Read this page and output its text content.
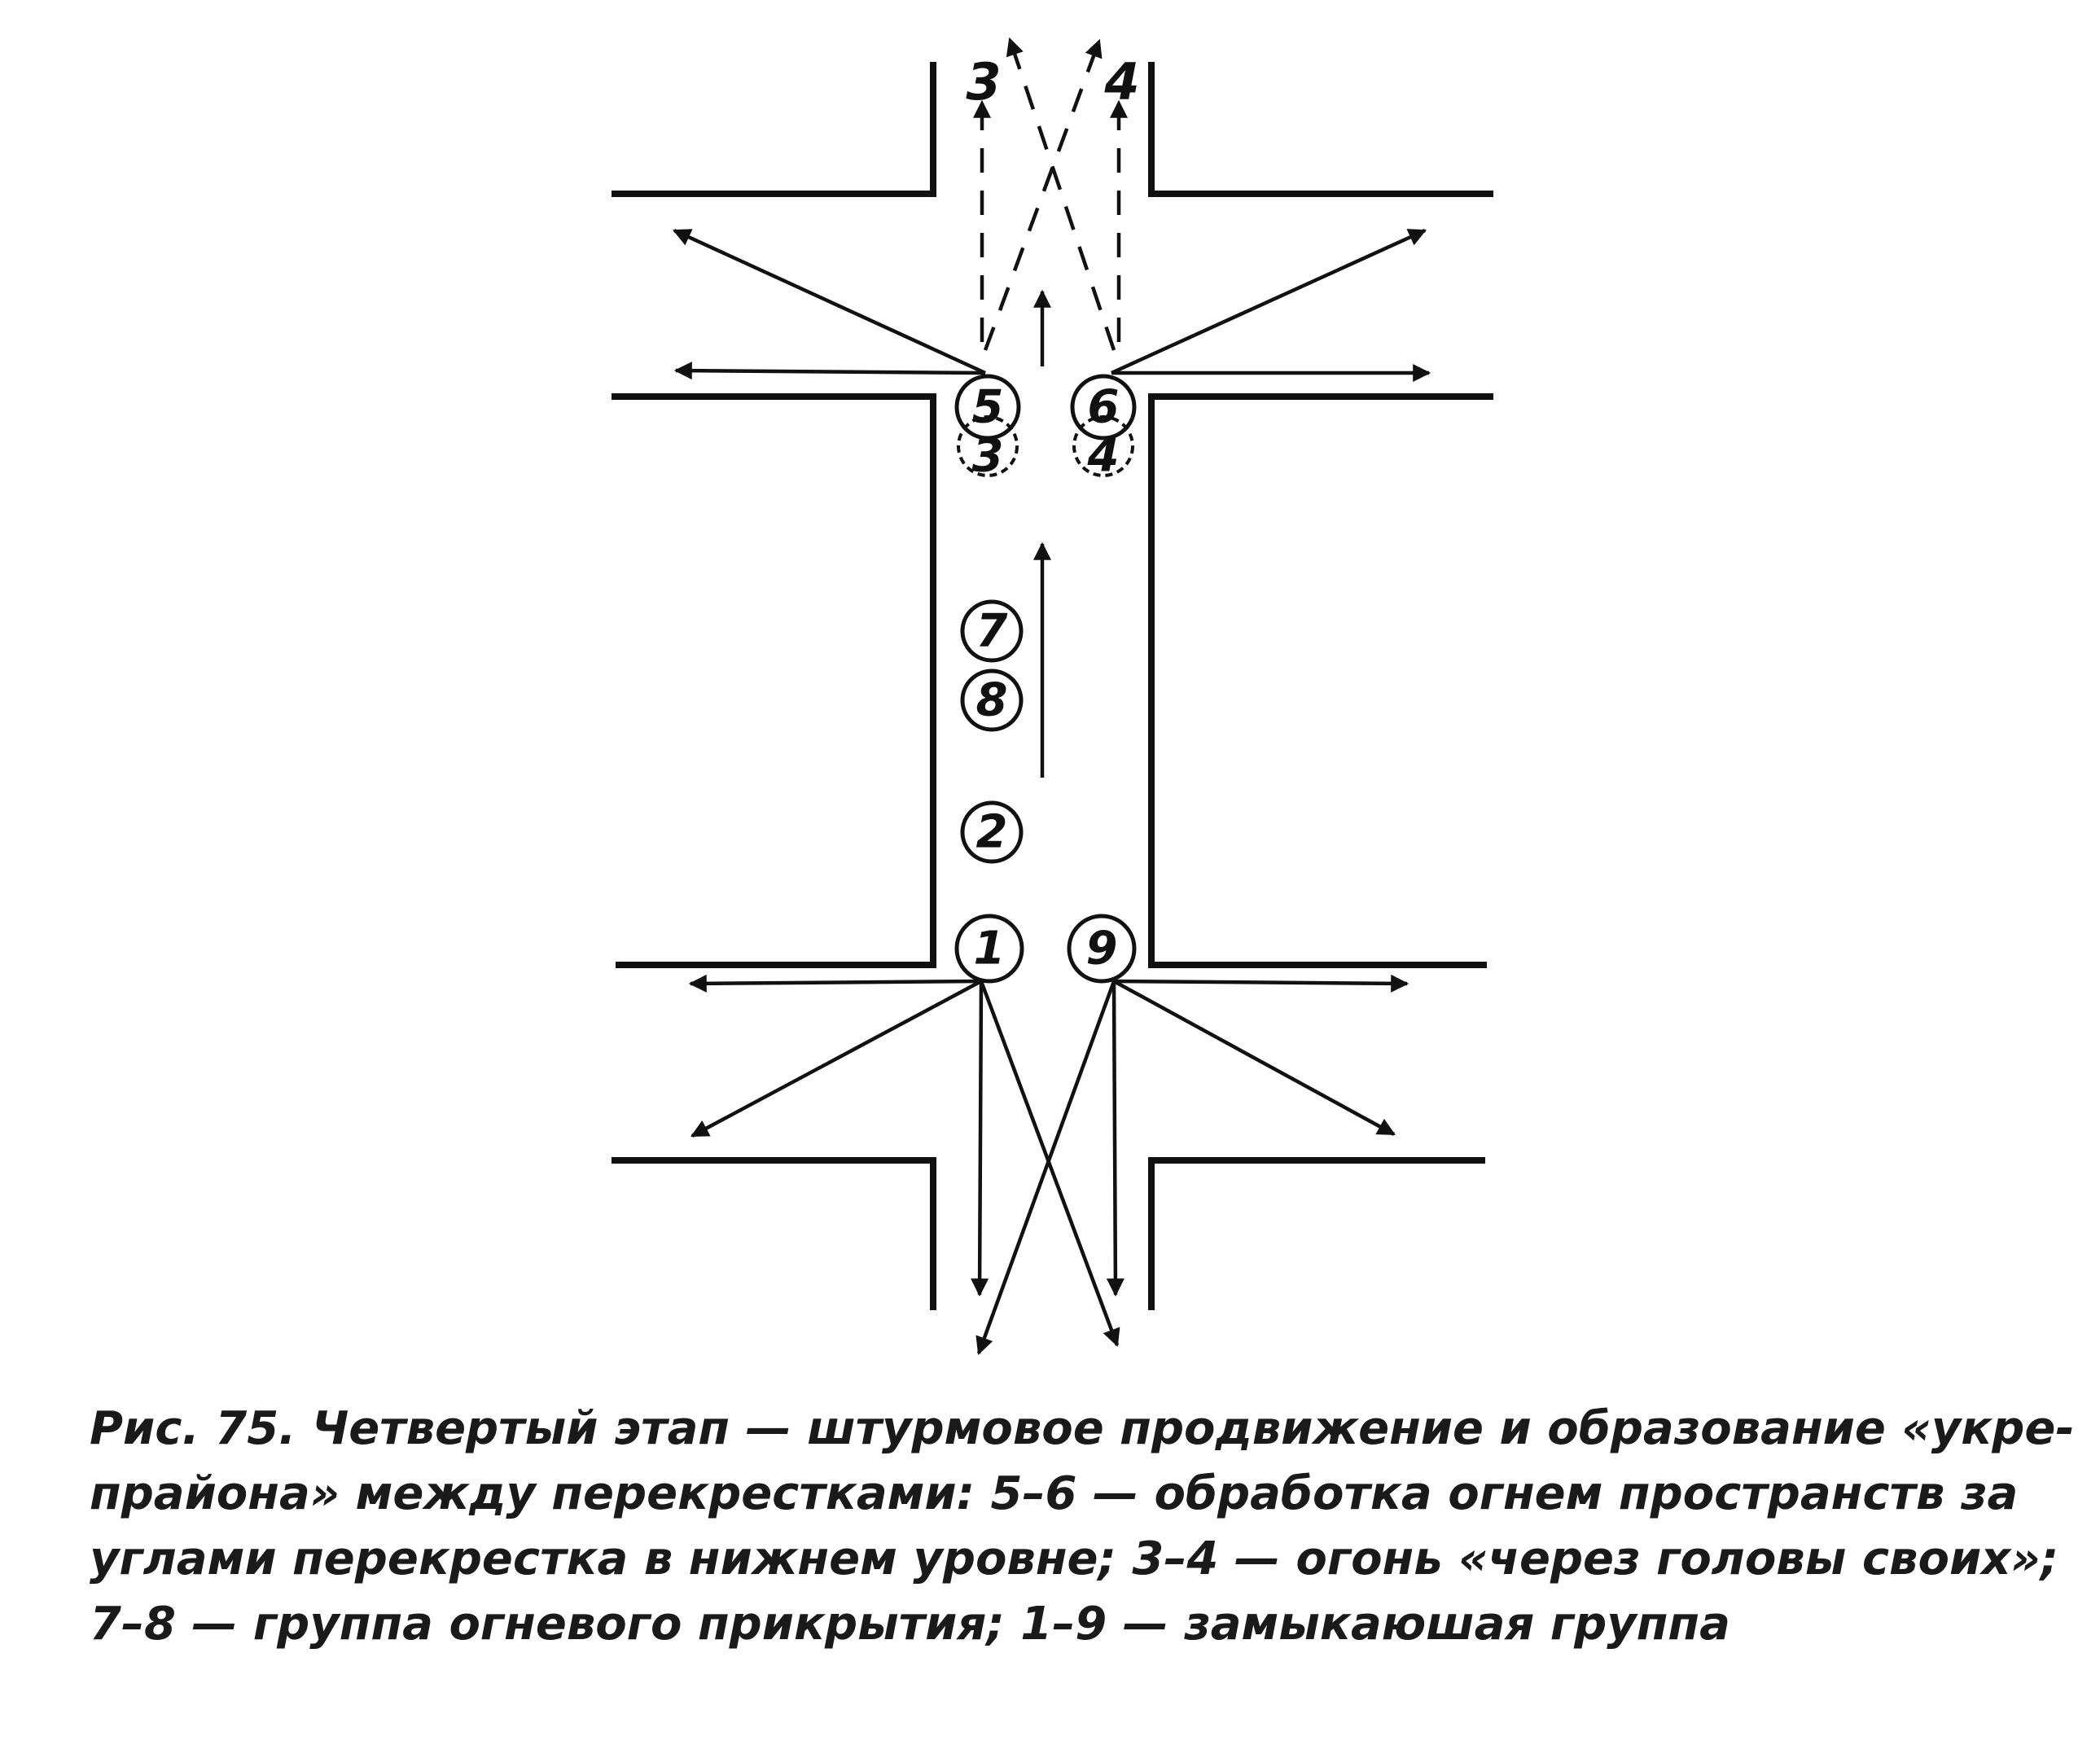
3 4
5
3
6
4
7
8
2
1 9

Рис. 75. Четвертый этап — штурмовое продвижение и образование «укре-
прайона» между перекрестками: 5–6 — обработка огнем пространств за
углами перекрестка в нижнем уровне; 3–4 — огонь «через головы своих»;
7–8 — группа огневого прикрытия; 1–9 — замыкаюшая группа
